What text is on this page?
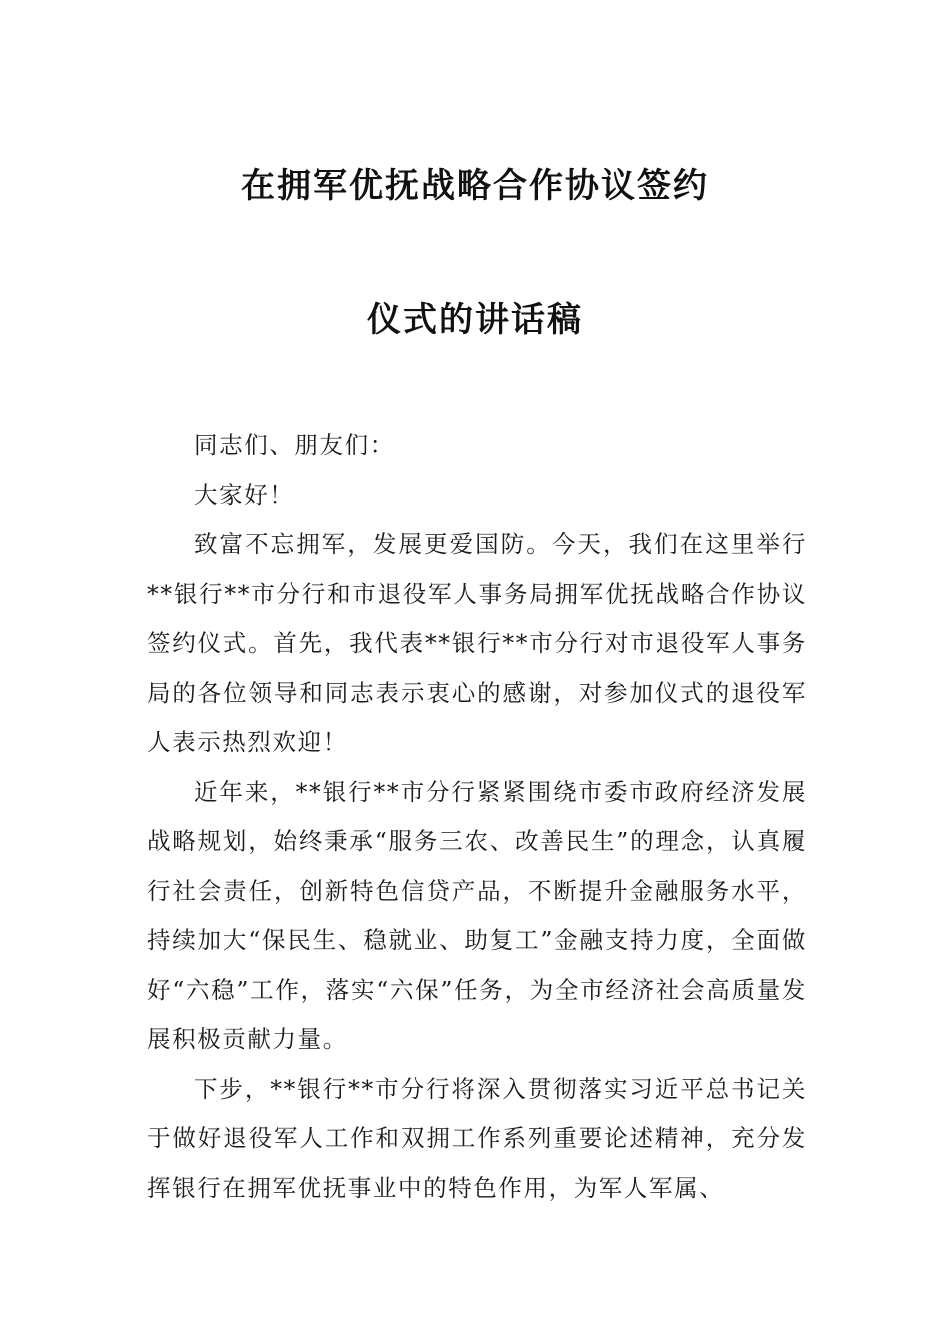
在拥军优抚战略合作协议签约
仪式的讲话稿

同志们、朋友们：

大家好！

致富不忘拥军，发展更爱国防。今天，我们在这里举行**银行**市分行和市退役军人事务局拥军优抚战略合作协议签约仪式。首先，我代表**银行**市分行对市退役军人事务局的各位领导和同志表示衷心的感谢，对参加仪式的退役军人表示热烈欢迎！

近年来，**银行**市分行紧紧围绕市委市政府经济发展战略规划，始终秉承“服务三农、改善民生”的理念，认真履行社会责任，创新特色信贷产品，不断提升金融服务水平，持续加大“保民生、稳就业、助复工”金融支持力度，全面做好“六稳”工作，落实“六保”任务，为全市经济社会高质量发展积极贡献力量。

下步，**银行**市分行将深入贯彻落实习近平总书记关于做好退役军人工作和双拥工作系列重要论述精神，充分发挥银行在拥军优抚事业中的特色作用，为军人军属、
